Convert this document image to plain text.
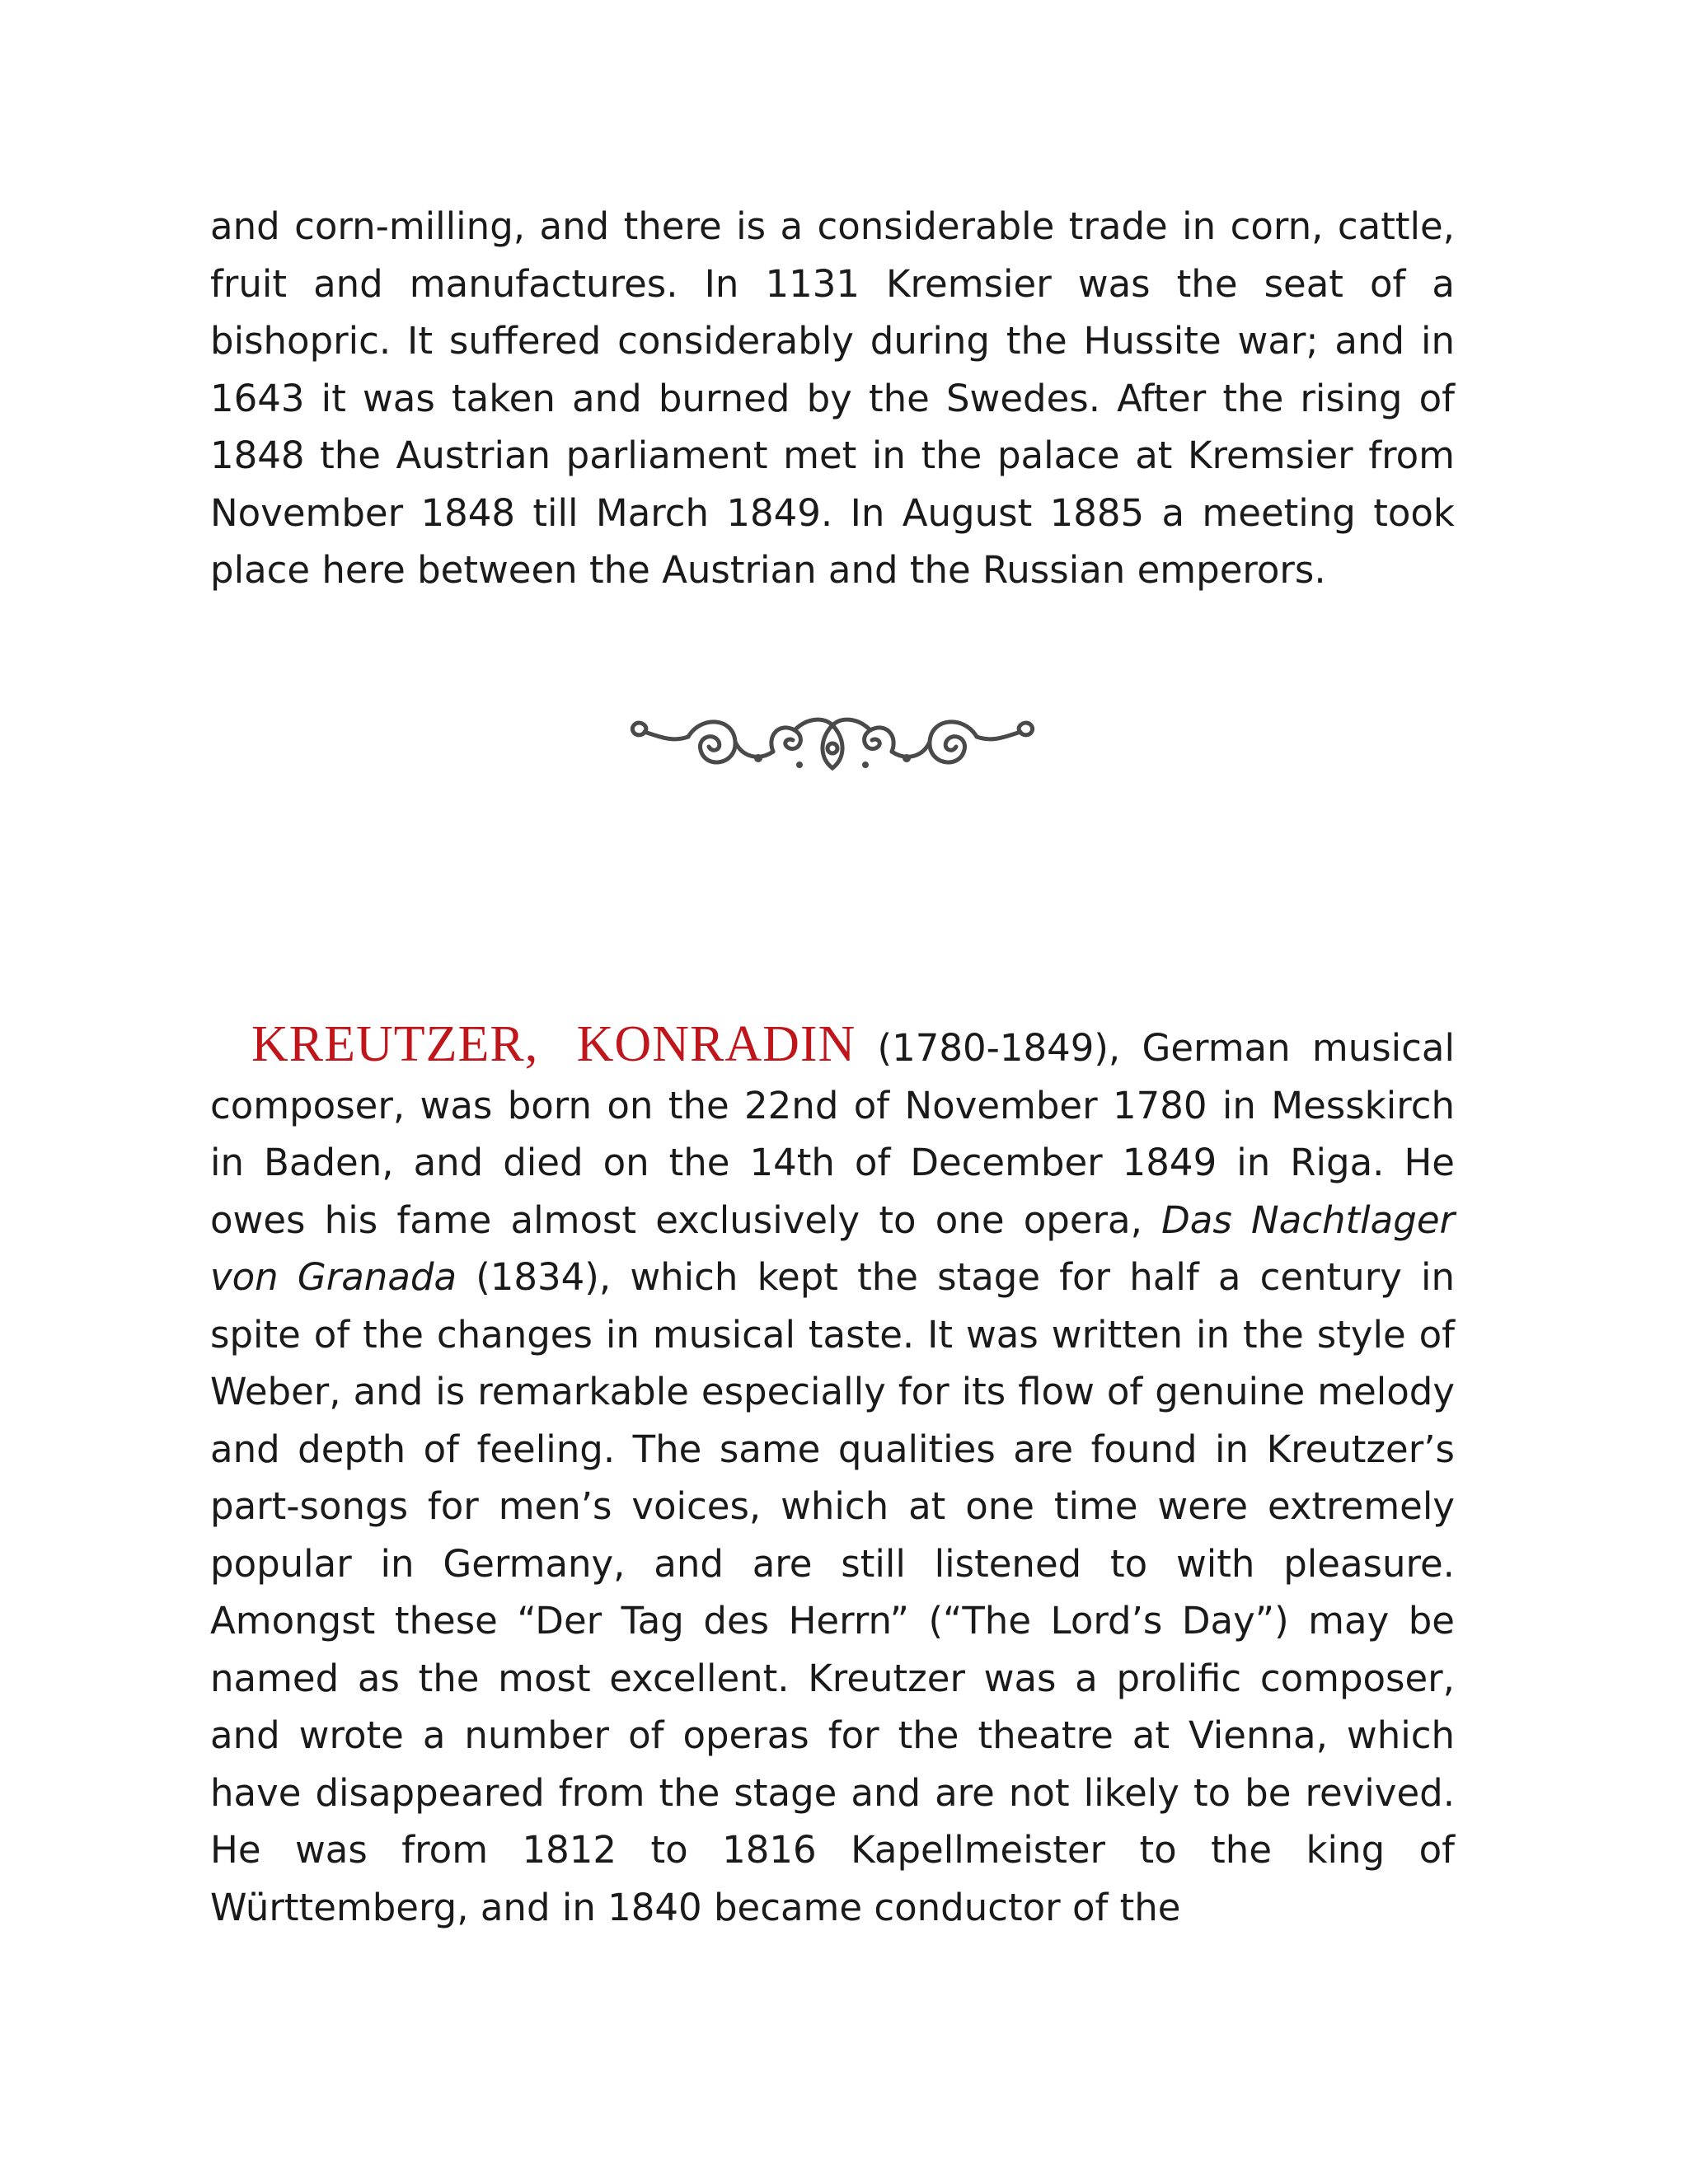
and corn-milling, and there is a considerable trade in corn, cattle, fruit and manufactures. In 1131 Kremsier was the seat of a bishopric. It suffered considerably during the Hussite war; and in 1643 it was taken and burned by the Swedes. After the rising of 1848 the Austrian parliament met in the palace at Kremsier from November 1848 till March 1849. In August 1885 a meeting took place here between the Austrian and the Russian emperors.

KREUTZER, KONRADIN (1780-1849), German musical composer, was born on the 22nd of November 1780 in Messkirch in Baden, and died on the 14th of December 1849 in Riga. He owes his fame almost exclusively to one opera, Das Nachtlager von Granada (1834), which kept the stage for half a century in spite of the changes in musical taste. It was written in the style of Weber, and is remarkable especially for its flow of genuine melody and depth of feeling. The same qualities are found in Kreutzer’s part-songs for men’s voices, which at one time were extremely popular in Germany, and are still listened to with pleasure. Amongst these “Der Tag des Herrn” (“The Lord’s Day”) may be named as the most excellent. Kreutzer was a prolific composer, and wrote a number of operas for the theatre at Vienna, which have disappeared from the stage and are not likely to be revived. He was from 1812 to 1816 Kapellmeister to the king of Württemberg, and in 1840 became conductor of the
